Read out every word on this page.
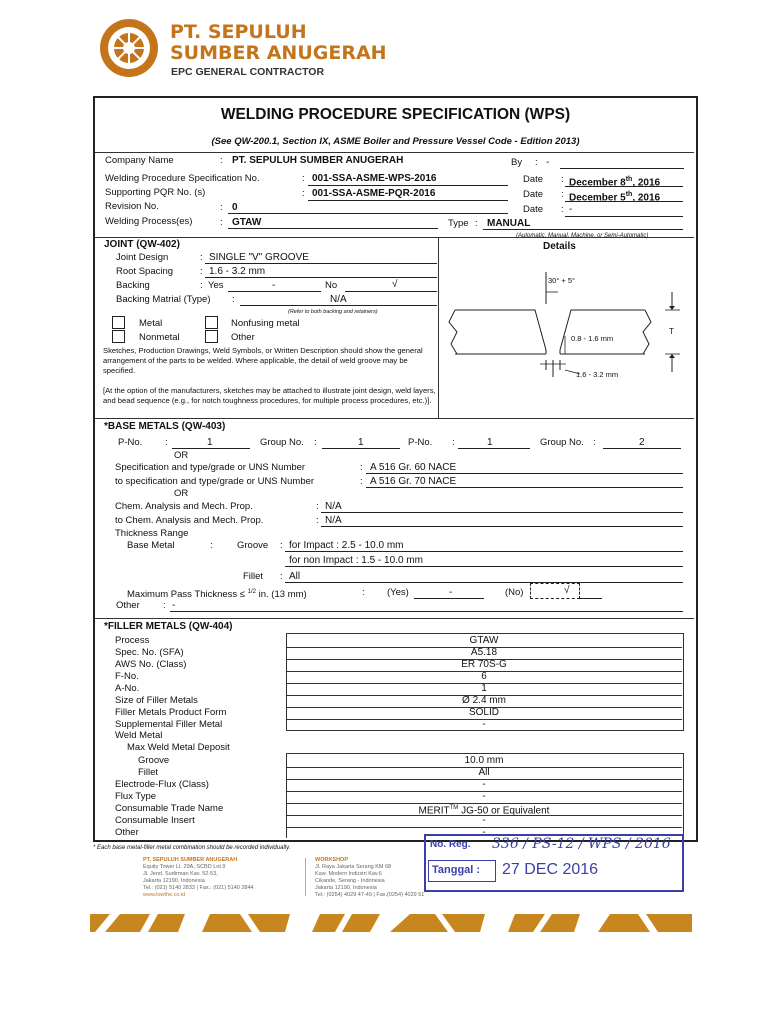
PT. SEPULUH
SUMBER ANUGERAH
EPC GENERAL CONTRACTOR
WELDING PROCEDURE SPECIFICATION (WPS)
(See QW-200.1, Section IX, ASME Boiler and Pressure Vessel Code - Edition 2013)
Company Name	: PT. SEPULUH SUMBER ANUGERAH	By : -
Welding Procedure Specification No.	: 001-SSA-ASME-WPS-2016	Date : December 8th, 2016
Supporting PQR No. (s)	: 001-SSA-ASME-PQR-2016	Date : December 5th, 2016
Revision No.	: 0	Date : -
Welding Process(es)	: GTAW	Type : MANUAL
(Automatic, Manual, Machine, or Semi-Automatic)
JOINT (QW-402)	Details
Joint Design	: SINGLE "V" GROOVE
Root Spacing	: 1.6 - 3.2 mm
Backing	: Yes	-	No	√
Backing Matrial (Type) :	N/A
(Refer to both backing and retainers)
Metal	Nonfusing metal
Nonmetal	Other
Sketches, Production Drawings, Weld Symbols, or Written Description should show the general arrangement of the parts to be welded. Where applicable, the detail of weld groove may be specified.
[At the option of the manufacturers, sketches may be attached to illustrate joint design, weld layers, and bead sequence (e.g., for notch toughness procedures, for multiple process procedures, etc.)].
30° + 5°
0.8 - 1.6 mm
1.6 - 3.2 mm
T
*BASE METALS (QW-403)
P-No. :	1	Group No. :	1	P-No. :	1	Group No. :	2
OR
Specification and type/grade or UNS Number	: A 516 Gr. 60 NACE
to specification and type/grade or UNS Number	: A 516 Gr. 70 NACE
OR
Chem. Analysis and Mech. Prop.	: N/A
to Chem. Analysis and Mech. Prop.	: N/A
Thickness Range
Base Metal	:	Groove : for Impact : 2.5 - 10.0 mm
for non Impact : 1.5 - 10.0 mm
Fillet : All
Maximum Pass Thickness ≤ $^{1/2}$ in. (13 mm)	: (Yes)	-	(No)	√
Other : -
*FILLER METALS (QW-404)
Process	GTAW
Spec. No. (SFA)	A5.18
AWS No. (Class)	ER 70S-G
F-No.	6
A-No.	1
Size of Filler Metals	Ø 2.4 mm
Filler Metals Product Form	SOLID
Supplemental Filler Metal	-
Groove	10.0 mm
Fillet	All
Electrode-Flux (Class)	-
Flux Type	-
Consumable Trade Name	MERIT™ JG-50 or Equivalent
Consumable Insert	-
Other	-
Weld Metal
Max Weld Metal Deposit
* Each base metal-filler metal combination should be recorded individually.
PT. SEPULUH SUMBER ANUGERAH
Equity Tower Lt. 29A, SCBD Lot.9
Jl. Jend. Sudirman Kav. 52-53,
Jakarta 12190, Indonesia
Tel.: (021) 5140 2833 | Fax.: (021) 5140 2844
www.lowthe.co.id
WORKSHOP
Jl. Raya Jakarta Serang KM 68
Kaw. Modern Industri Kav.6
Cikande, Serang - Indonesia
Jakarta 12190, Indonesia
Tel.: (0254) 4029 47-49 | Fax.(0254) 4029 51
No. Reg. 336 / PS-12 / WPS / 2016
Tanggal : 27 DEC 2016
